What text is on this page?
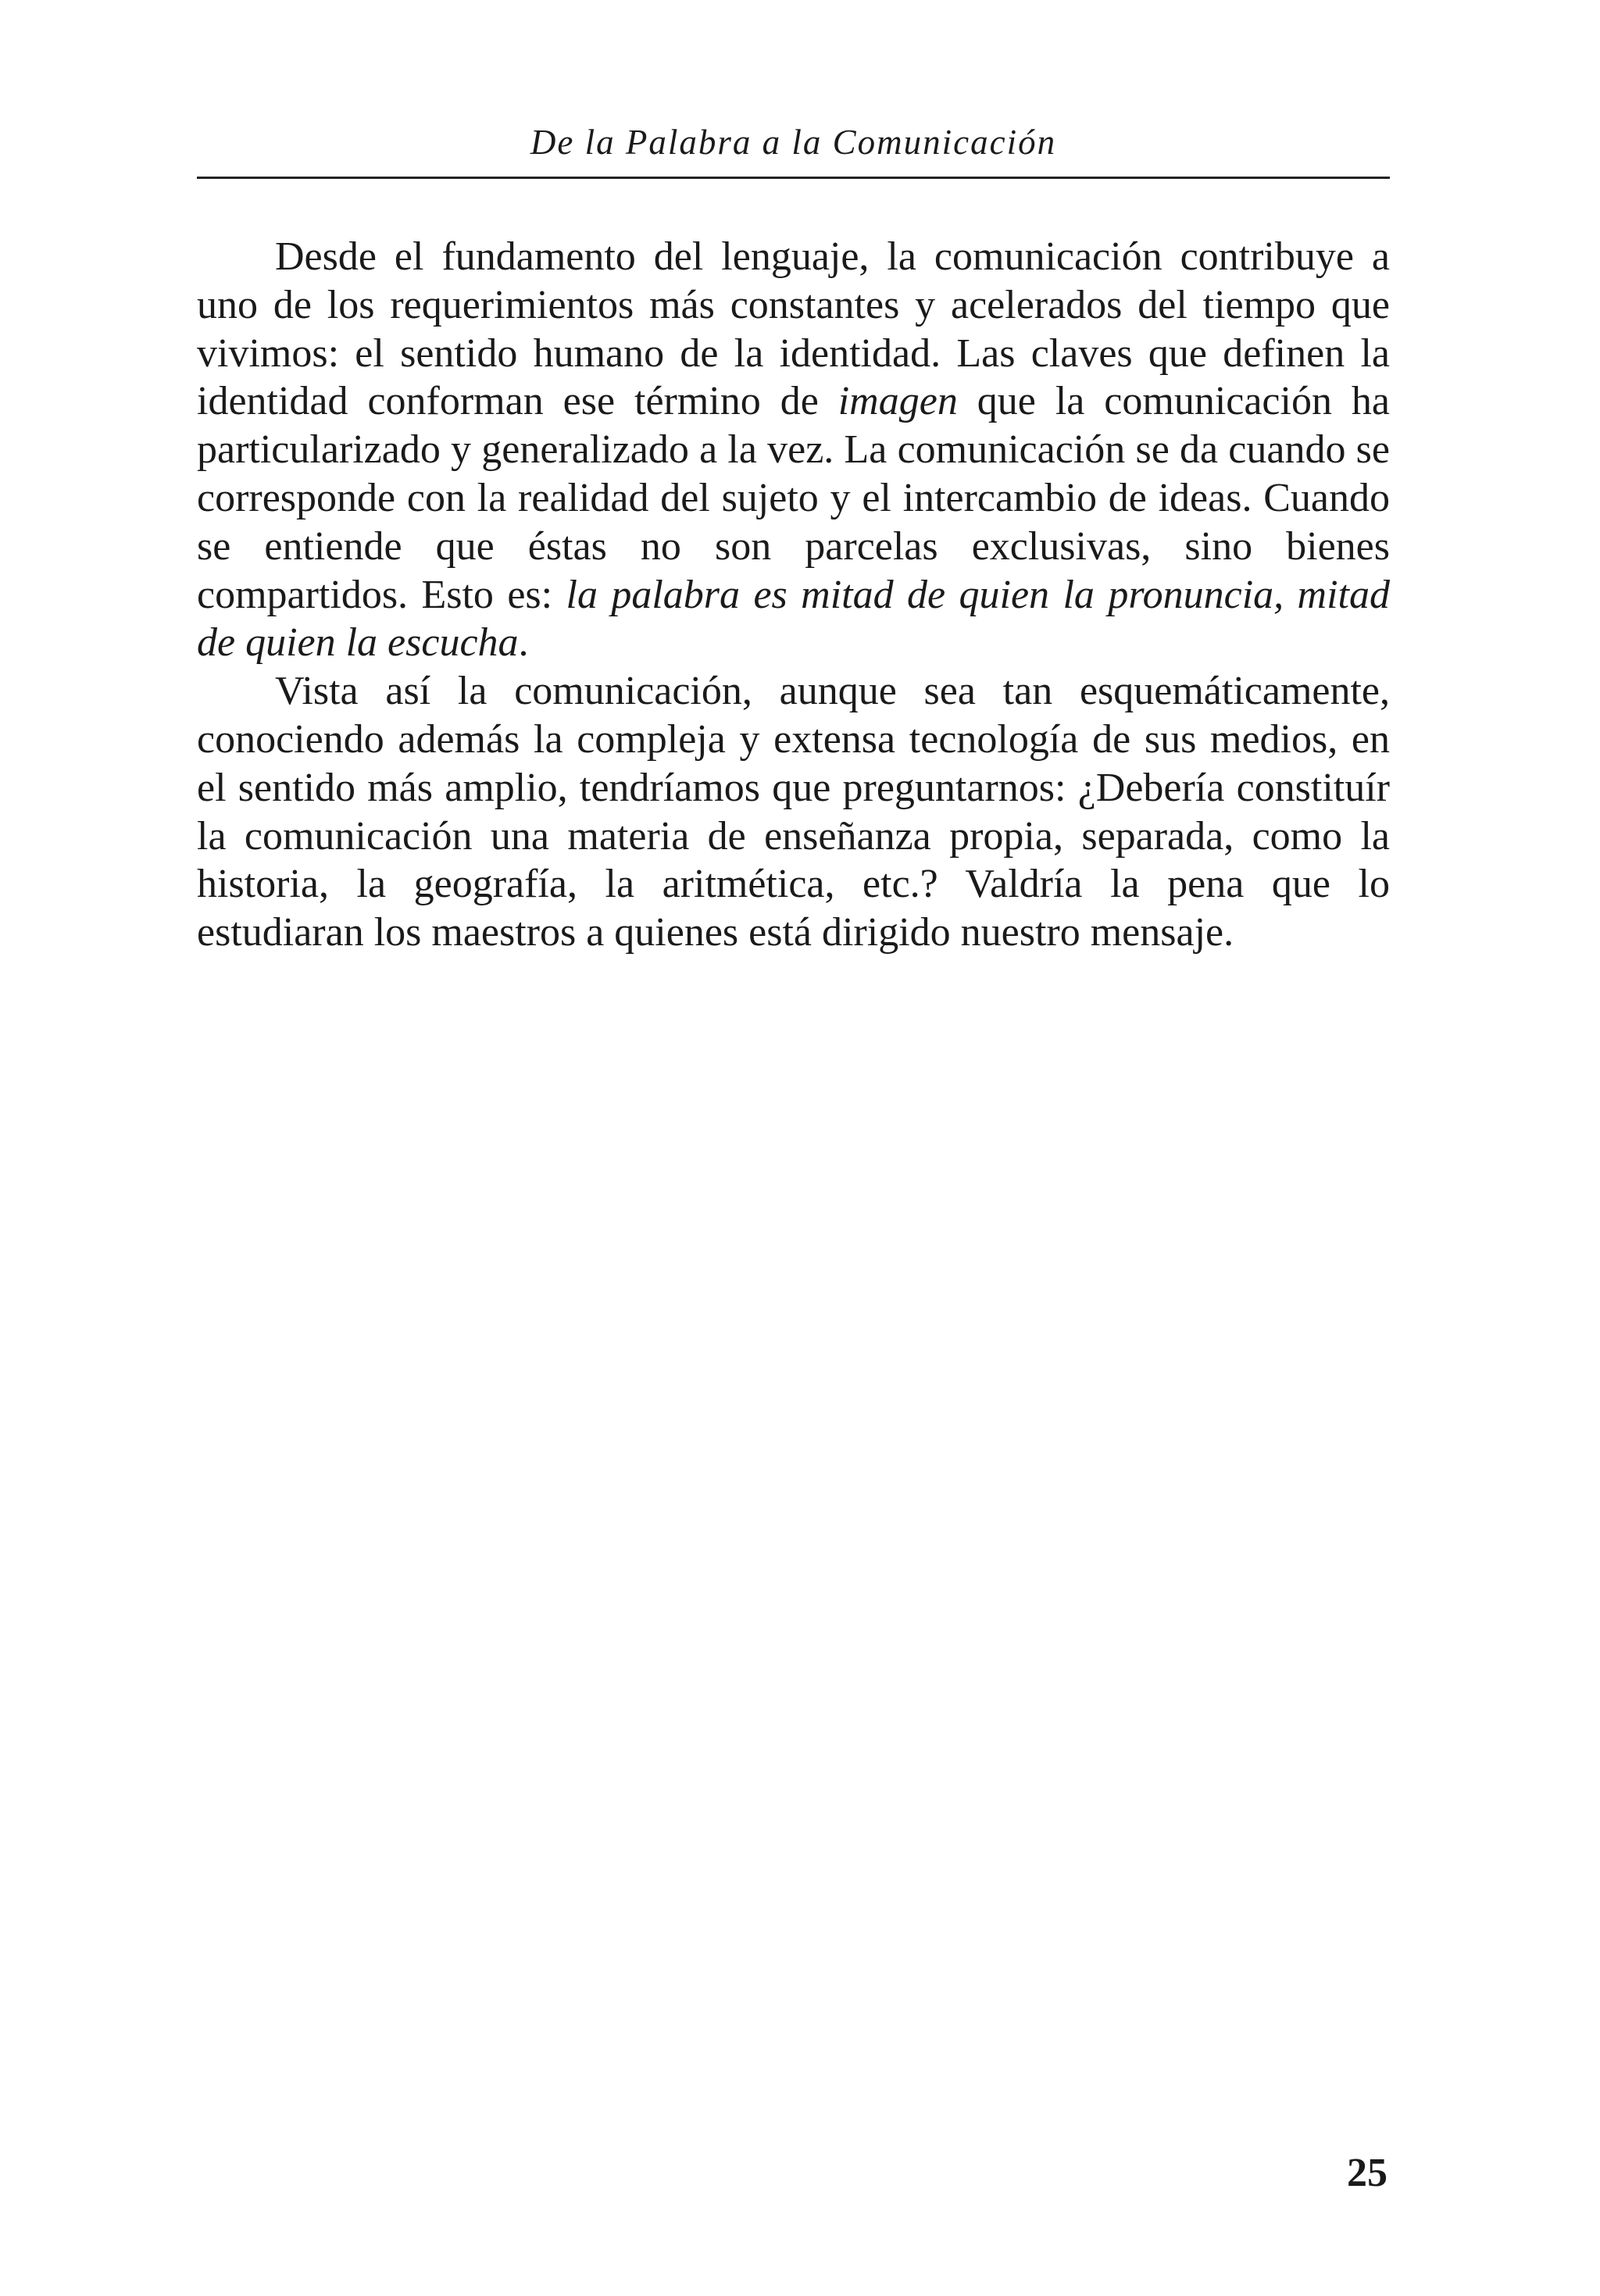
De la Palabra a la Comunicación

Desde el fundamento del lenguaje, la comunicación contribuye a uno de los requerimientos más constantes y acelerados del tiempo que vivimos: el sentido humano de la identidad. Las claves que definen la identidad conforman ese término de imagen que la comunicación ha particularizado y generalizado a la vez. La comunicación se da cuando se corresponde con la realidad del sujeto y el intercambio de ideas. Cuando se entiende que éstas no son parcelas exclusivas, sino bienes compartidos. Esto es: la palabra es mitad de quien la pronuncia, mitad de quien la escucha.

Vista así la comunicación, aunque sea tan esquemáticamente, conociendo además la compleja y extensa tecnología de sus medios, en el sentido más amplio, tendríamos que preguntarnos: ¿Debería constituír la comunicación una materia de enseñanza propia, separada, como la historia, la geografía, la aritmética, etc.? Valdría la pena que lo estudiaran los maestros a quienes está dirigido nuestro mensaje.

25
